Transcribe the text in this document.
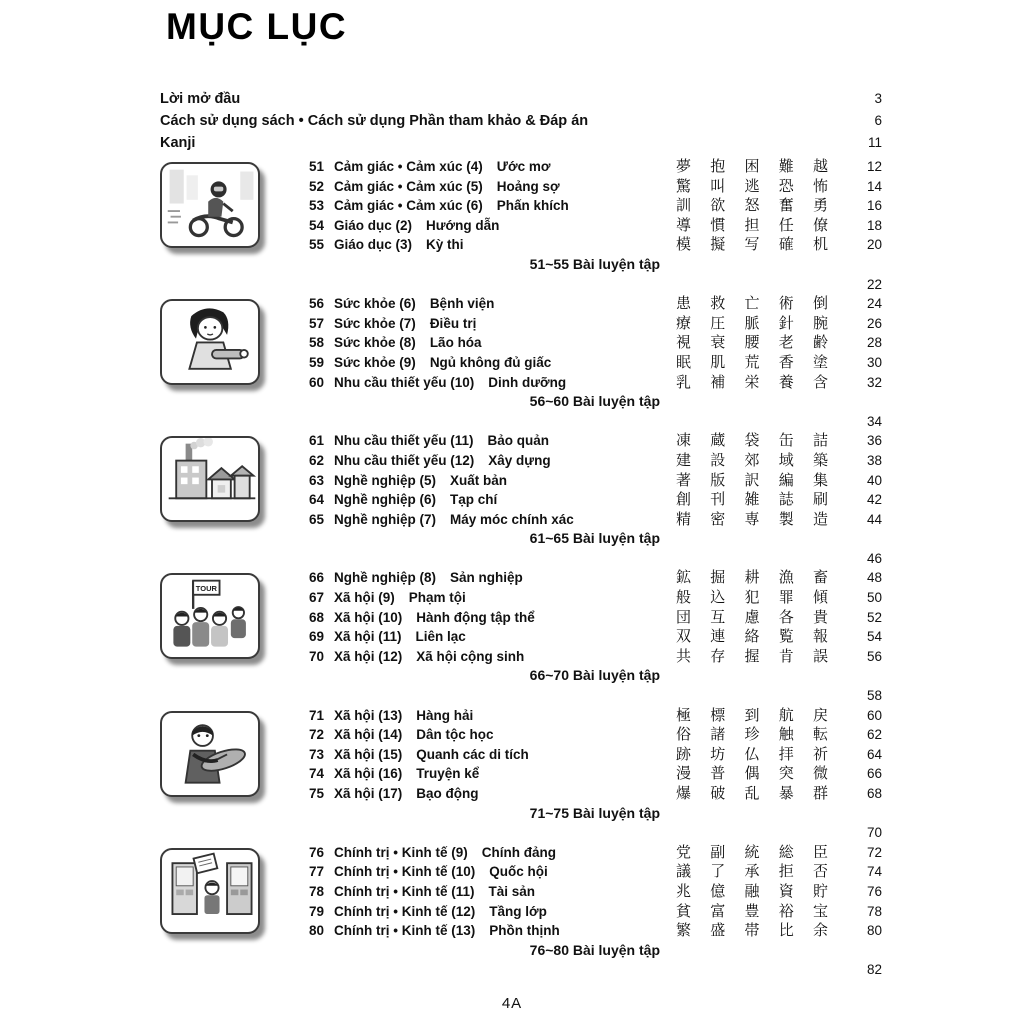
MỤC LỤC
Lời mở đầu	3
Cách sử dụng sách • Cách sử dụng Phần tham khảo & Đáp án	6
Kanji	11
51 Cảm giác • Cảm xúc (4) Ước mơ	夢 抱 困 難 越	12
52 Cảm giác • Cảm xúc (5) Hoảng sợ	驚 叫 逃 恐 怖	14
53 Cảm giác • Cảm xúc (6) Phấn khích	訓 欲 怒 奮 勇	16
54 Giáo dục (2) Hướng dẫn	導 慣 担 任 僚	18
55 Giáo dục (3) Kỳ thi	模 擬 写 確 机	20
51~55 Bài luyện tập
22
56 Sức khỏe (6) Bệnh viện	患 救 亡 術 倒	24
57 Sức khỏe (7) Điều trị	療 圧 脈 針 腕	26
58 Sức khỏe (8) Lão hóa	視 衰 腰 老 齢	28
59 Sức khỏe (9) Ngủ không đủ giấc	眠 肌 荒 香 塗	30
60 Nhu cầu thiết yếu (10) Dinh dưỡng	乳 補 栄 養 含	32
56~60 Bài luyện tập
34
61 Nhu cầu thiết yếu (11) Bảo quản	凍 蔵 袋 缶 詰	36
62 Nhu cầu thiết yếu (12) Xây dựng	建 設 郊 域 築	38
63 Nghề nghiệp (5) Xuất bản	著 版 訳 編 集	40
64 Nghề nghiệp (6) Tạp chí	創 刊 雑 誌 刷	42
65 Nghề nghiệp (7) Máy móc chính xác	精 密 専 製 造	44
61~65 Bài luyện tập
46
TOUR
66 Nghề nghiệp (8) Sản nghiệp	鉱 掘 耕 漁 畜	48
67 Xã hội (9) Phạm tội	般 込 犯 罪 傾	50
68 Xã hội (10) Hành động tập thể	団 互 慮 各 貴	52
69 Xã hội (11) Liên lạc	双 連 絡 覧 報	54
70 Xã hội (12) Xã hội cộng sinh	共 存 握 肯 誤	56
66~70 Bài luyện tập
58
71 Xã hội (13) Hàng hải	極 標 到 航 戻	60
72 Xã hội (14) Dân tộc học	俗 諸 珍 触 転	62
73 Xã hội (15) Quanh các di tích	跡 坊 仏 拝 祈	64
74 Xã hội (16) Truyện kể	漫 普 偶 突 微	66
75 Xã hội (17) Bạo động	爆 破 乱 暴 群	68
71~75 Bài luyện tập
70
76 Chính trị • Kinh tế (9) Chính đảng	党 副 統 総 臣	72
77 Chính trị • Kinh tế (10) Quốc hội	議 了 承 拒 否	74
78 Chính trị • Kinh tế (11) Tài sản	兆 億 融 資 貯	76
79 Chính trị • Kinh tế (12) Tầng lớp	貧 富 豊 裕 宝	78
80 Chính trị • Kinh tế (13) Phồn thịnh	繁 盛 帯 比 余	80
76~80 Bài luyện tập
82
4A
